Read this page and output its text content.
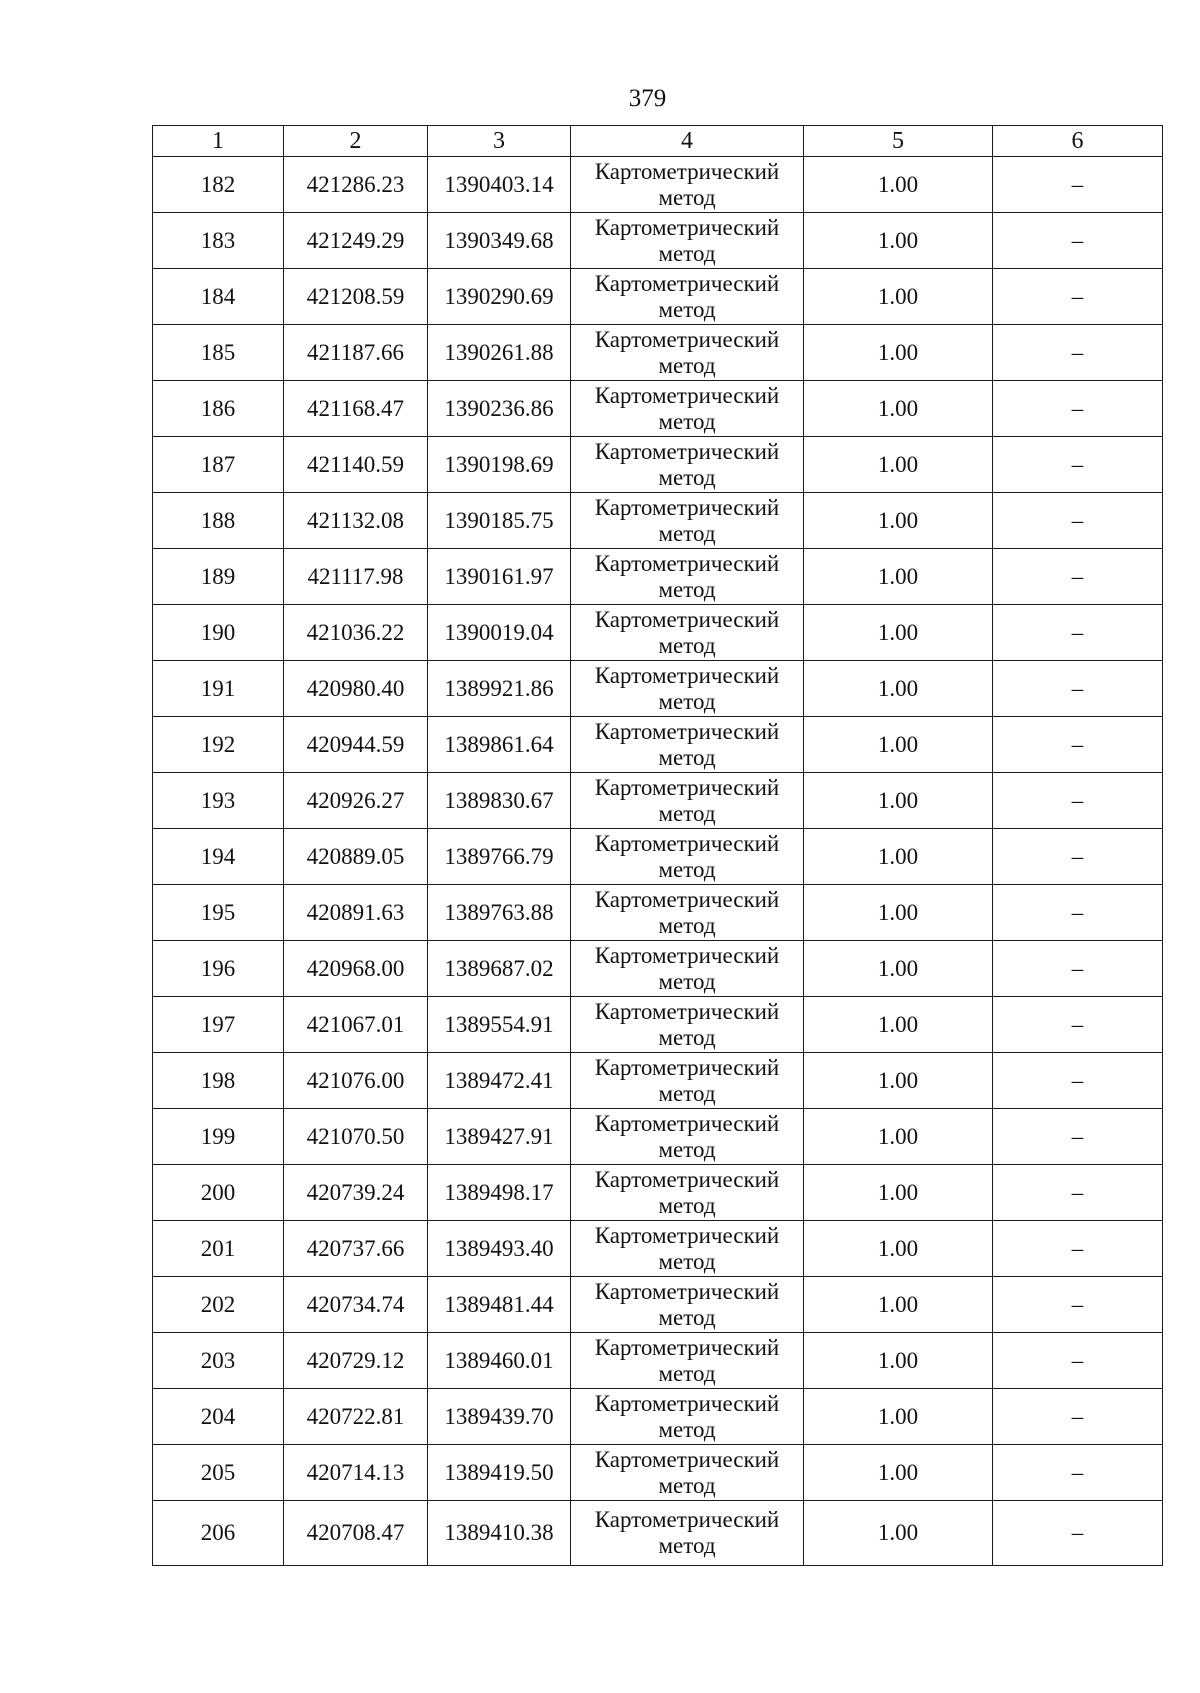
379
1	2	3	4	5	6
182	421286.23	1390403.14	Картометрический метод	1.00	–
183	421249.29	1390349.68	Картометрический метод	1.00	–
184	421208.59	1390290.69	Картометрический метод	1.00	–
185	421187.66	1390261.88	Картометрический метод	1.00	–
186	421168.47	1390236.86	Картометрический метод	1.00	–
187	421140.59	1390198.69	Картометрический метод	1.00	–
188	421132.08	1390185.75	Картометрический метод	1.00	–
189	421117.98	1390161.97	Картометрический метод	1.00	–
190	421036.22	1390019.04	Картометрический метод	1.00	–
191	420980.40	1389921.86	Картометрический метод	1.00	–
192	420944.59	1389861.64	Картометрический метод	1.00	–
193	420926.27	1389830.67	Картометрический метод	1.00	–
194	420889.05	1389766.79	Картометрический метод	1.00	–
195	420891.63	1389763.88	Картометрический метод	1.00	–
196	420968.00	1389687.02	Картометрический метод	1.00	–
197	421067.01	1389554.91	Картометрический метод	1.00	–
198	421076.00	1389472.41	Картометрический метод	1.00	–
199	421070.50	1389427.91	Картометрический метод	1.00	–
200	420739.24	1389498.17	Картометрический метод	1.00	–
201	420737.66	1389493.40	Картометрический метод	1.00	–
202	420734.74	1389481.44	Картометрический метод	1.00	–
203	420729.12	1389460.01	Картометрический метод	1.00	–
204	420722.81	1389439.70	Картометрический метод	1.00	–
205	420714.13	1389419.50	Картометрический метод	1.00	–
206	420708.47	1389410.38	Картометрический метод	1.00	–
